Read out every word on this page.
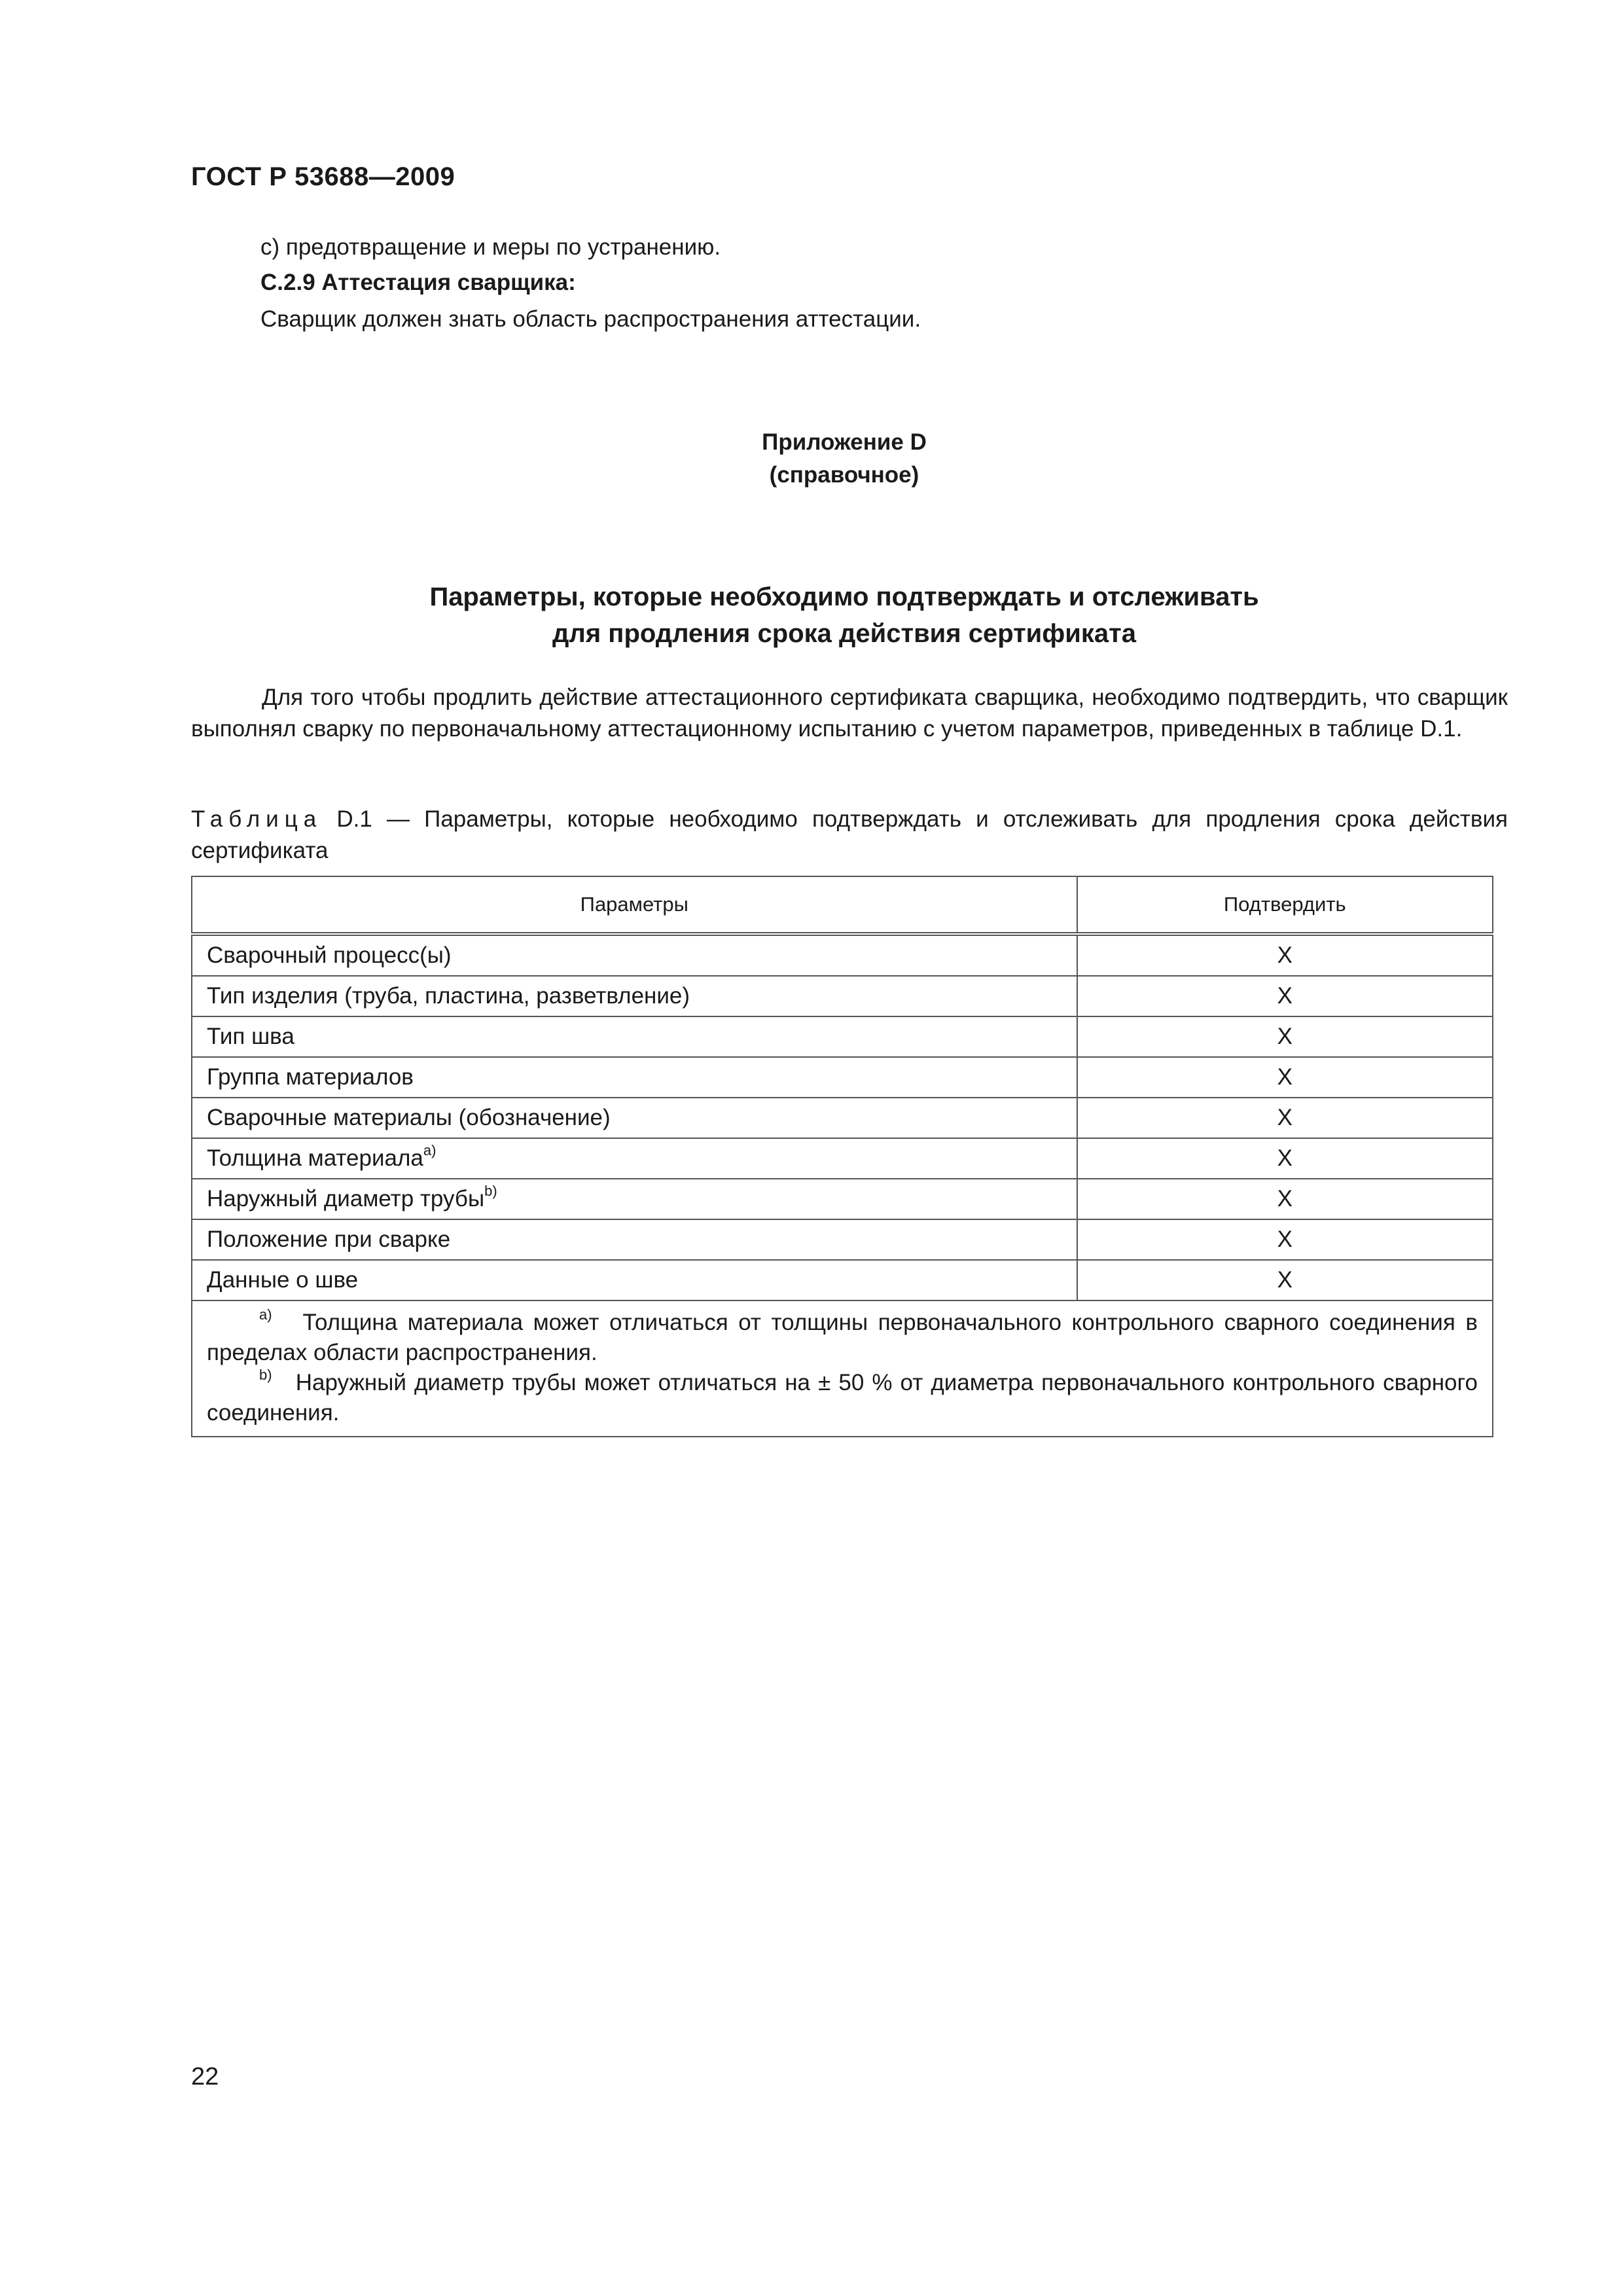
ГОСТ Р 53688—2009
с) предотвращение и меры по устранению.
С.2.9 Аттестация сварщика:
Сварщик должен знать область распространения аттестации.
Приложение D
(справочное)
Параметры, которые необходимо подтверждать и отслеживать
для продления срока действия сертификата
Для того чтобы продлить действие аттестационного сертификата сварщика, необходимо подтвердить, что сварщик выполнял сварку по первоначальному аттестационному испытанию с учетом параметров, приведенных в таблице D.1.
Таблица D.1 — Параметры, которые необходимо подтверждать и отслеживать для продления срока действия сертификата
Параметры	Подтвердить
Сварочный процесс(ы)	X
Тип изделия (труба, пластина, разветвление)	X
Тип шва	X
Группа материалов	X
Сварочные материалы (обозначение)	X
Толщина материала$^{a)}$	X
Наружный диаметр трубы$^{b)}$	X
Положение при сварке	X
Данные о шве	X

$^{a)}$ Толщина материала может отличаться от толщины первоначального контрольного сварного соединения в пределах области распространения.
$^{b)}$ Наружный диаметр трубы может отличаться на ± 50 % от диаметра первоначального контрольного сварного соединения.	
22
